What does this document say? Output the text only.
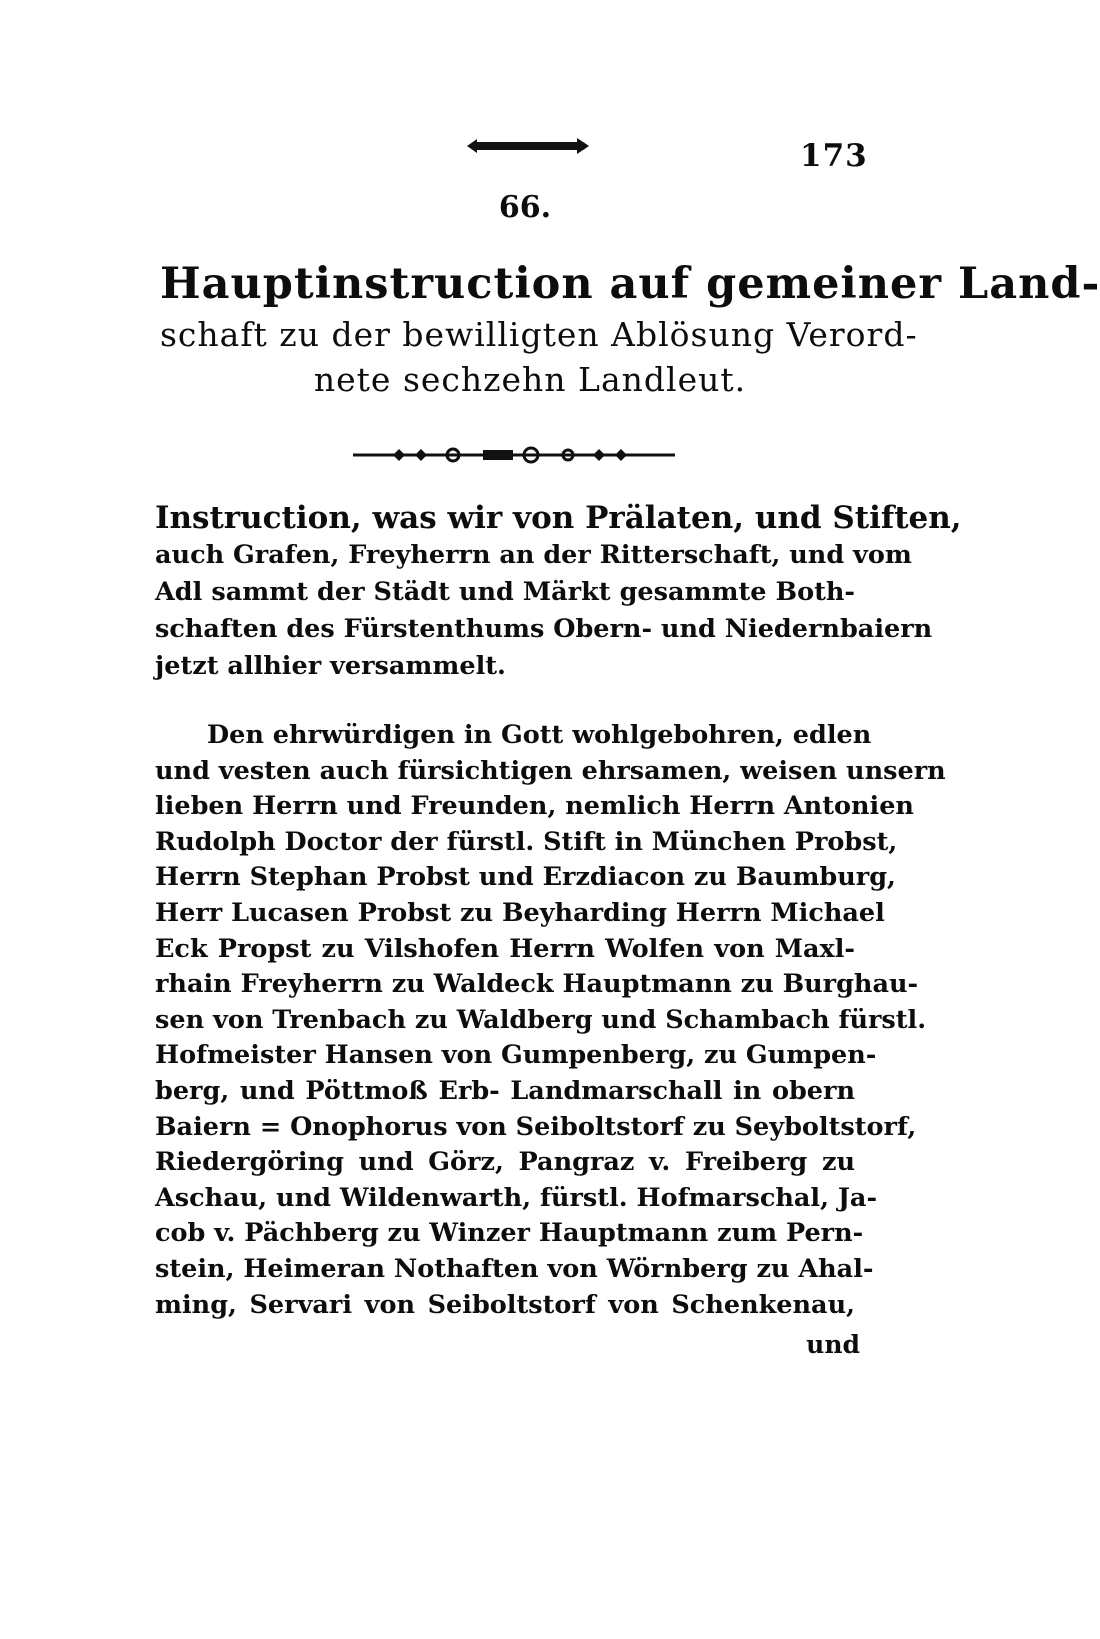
173
66.
Hauptinstruction auf gemeiner Land-
schaft zu der bewilligten Ablösung Verord-
nete sechzehn Landleut.
Instruction, was wir von Prälaten, und Stiften,
auch Grafen, Freyherrn an der Ritterschaft, und vom
Adl sammt der Städt und Märkt gesammte Both-
schaften des Fürstenthums Obern- und Niedernbaiern
jetzt allhier versammelt.
Den ehrwürdigen in Gott wohlgebohren, edlen
und vesten auch fürsichtigen ehrsamen, weisen unsern
lieben Herrn und Freunden, nemlich Herrn Antonien
Rudolph Doctor der fürstl. Stift in München Probst,
Herrn Stephan Probst und Erzdiacon zu Baumburg,
Herr Lucasen Probst zu Beyharding Herrn Michael
Eck Propst zu Vilshofen Herrn Wolfen von Maxl-
rhain Freyherrn zu Waldeck Hauptmann zu Burghau-
sen von Trenbach zu Waldberg und Schambach fürstl.
Hofmeister Hansen von Gumpenberg, zu Gumpen-
berg, und Pöttmoß Erb- Landmarschall in obern
Baiern = Onophorus von Seiboltstorf zu Seyboltstorf,
Riedergöring und Görz, Pangraz v. Freiberg zu
Aschau, und Wildenwarth, fürstl. Hofmarschal, Ja-
cob v. Pächberg zu Winzer Hauptmann zum Pern-
stein, Heimeran Nothaften von Wörnberg zu Ahal-
ming, Servari von Seiboltstorf von Schenkenau,
und
